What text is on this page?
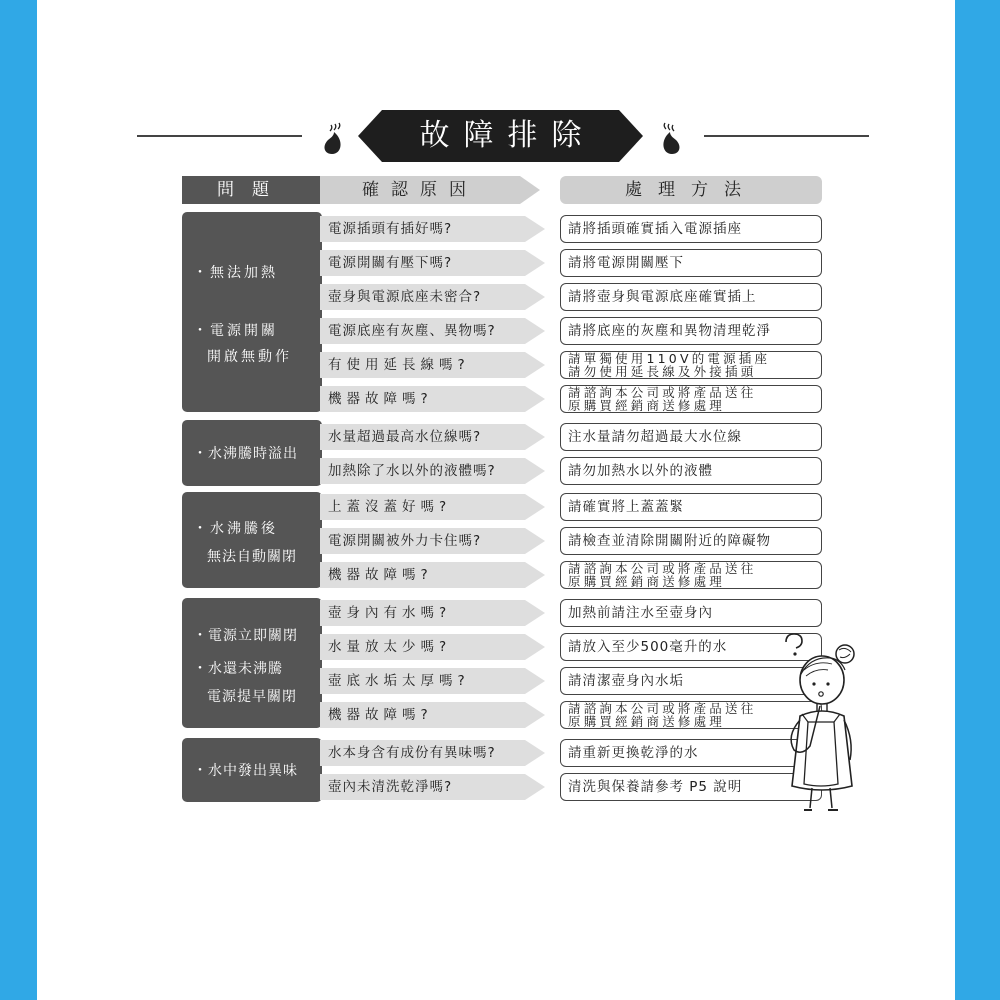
故障排除
問題	確認原因	處理方法
・無法加熱
・電源開關
開啟無動作
・水沸騰時溢出
・水沸騰後
無法自動關閉
・電源立即關閉
・水還未沸騰
電源提早關閉
・水中發出異味
電源插頭有插好嗎?
電源開關有壓下嗎?
壺身與電源底座未密合?
電源底座有灰塵、異物嗎?
有使用延長線嗎?
機器故障嗎?
水量超過最高水位線嗎?
加熱除了水以外的液體嗎?
上蓋沒蓋好嗎?
電源開關被外力卡住嗎?
機器故障嗎?
壺身內有水嗎?
水量放太少嗎?
壺底水垢太厚嗎?
機器故障嗎?
水本身含有成份有異味嗎?
壺內未清洗乾淨嗎?
請將插頭確實插入電源插座
請將電源開關壓下
請將壺身與電源底座確實插上
請將底座的灰塵和異物清理乾淨
請單獨使用110V的電源插座
請勿使用延長線及外接插頭
請諮詢本公司或將產品送往
原購買經銷商送修處理
注水量請勿超過最大水位線
請勿加熱水以外的液體
請確實將上蓋蓋緊
請檢查並清除開關附近的障礙物
請諮詢本公司或將產品送往
原購買經銷商送修處理
加熱前請注水至壺身內
請放入至少500毫升的水
請清潔壺身內水垢
請諮詢本公司或將產品送往
原購買經銷商送修處理
請重新更換乾淨的水
清洗與保養請參考 P5 說明
